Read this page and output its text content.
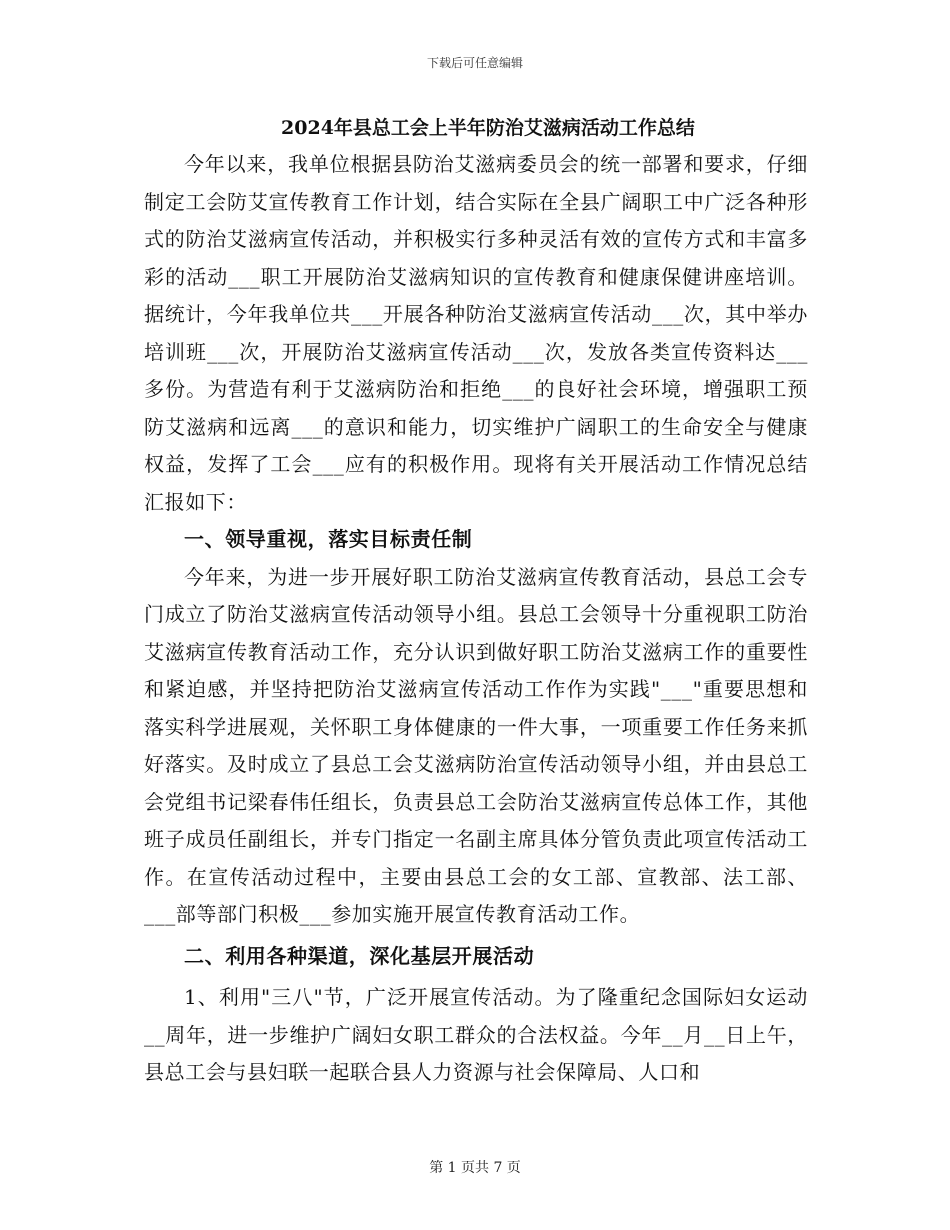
下载后可任意编辑
2024年县总工会上半年防治艾滋病活动工作总结

今年以来，我单位根据县防治艾滋病委员会的统一部署和要求，仔细制定工会防艾宣传教育工作计划，结合实际在全县广阔职工中广泛各种形式的防治艾滋病宣传活动，并积极实行多种灵活有效的宣传方式和丰富多彩的活动___职工开展防治艾滋病知识的宣传教育和健康保健讲座培训。据统计，今年我单位共___开展各种防治艾滋病宣传活动___次，其中举办培训班___次，开展防治艾滋病宣传活动___次，发放各类宣传资料达___多份。为营造有利于艾滋病防治和拒绝___的良好社会环境，增强职工预防艾滋病和远离___的意识和能力，切实维护广阔职工的生命安全与健康权益，发挥了工会___应有的积极作用。现将有关开展活动工作情况总结汇报如下：

一、领导重视，落实目标责任制

今年来，为进一步开展好职工防治艾滋病宣传教育活动，县总工会专门成立了防治艾滋病宣传活动领导小组。县总工会领导十分重视职工防治艾滋病宣传教育活动工作，充分认识到做好职工防治艾滋病工作的重要性和紧迫感，并坚持把防治艾滋病宣传活动工作作为实践"___"重要思想和落实科学进展观，关怀职工身体健康的一件大事，一项重要工作任务来抓好落实。及时成立了县总工会艾滋病防治宣传活动领导小组，并由县总工会党组书记梁春伟任组长，负责县总工会防治艾滋病宣传总体工作，其他班子成员任副组长，并专门指定一名副主席具体分管负责此项宣传活动工作。在宣传活动过程中，主要由县总工会的女工部、宣教部、法工部、___部等部门积极___参加实施开展宣传教育活动工作。

二、利用各种渠道，深化基层开展活动

1、利用"三八"节，广泛开展宣传活动。为了隆重纪念国际妇女运动__周年，进一步维护广阔妇女职工群众的合法权益。今年__月__日上午，县总工会与县妇联一起联合县人力资源与社会保障局、人口和

第 1 页共 7 页
